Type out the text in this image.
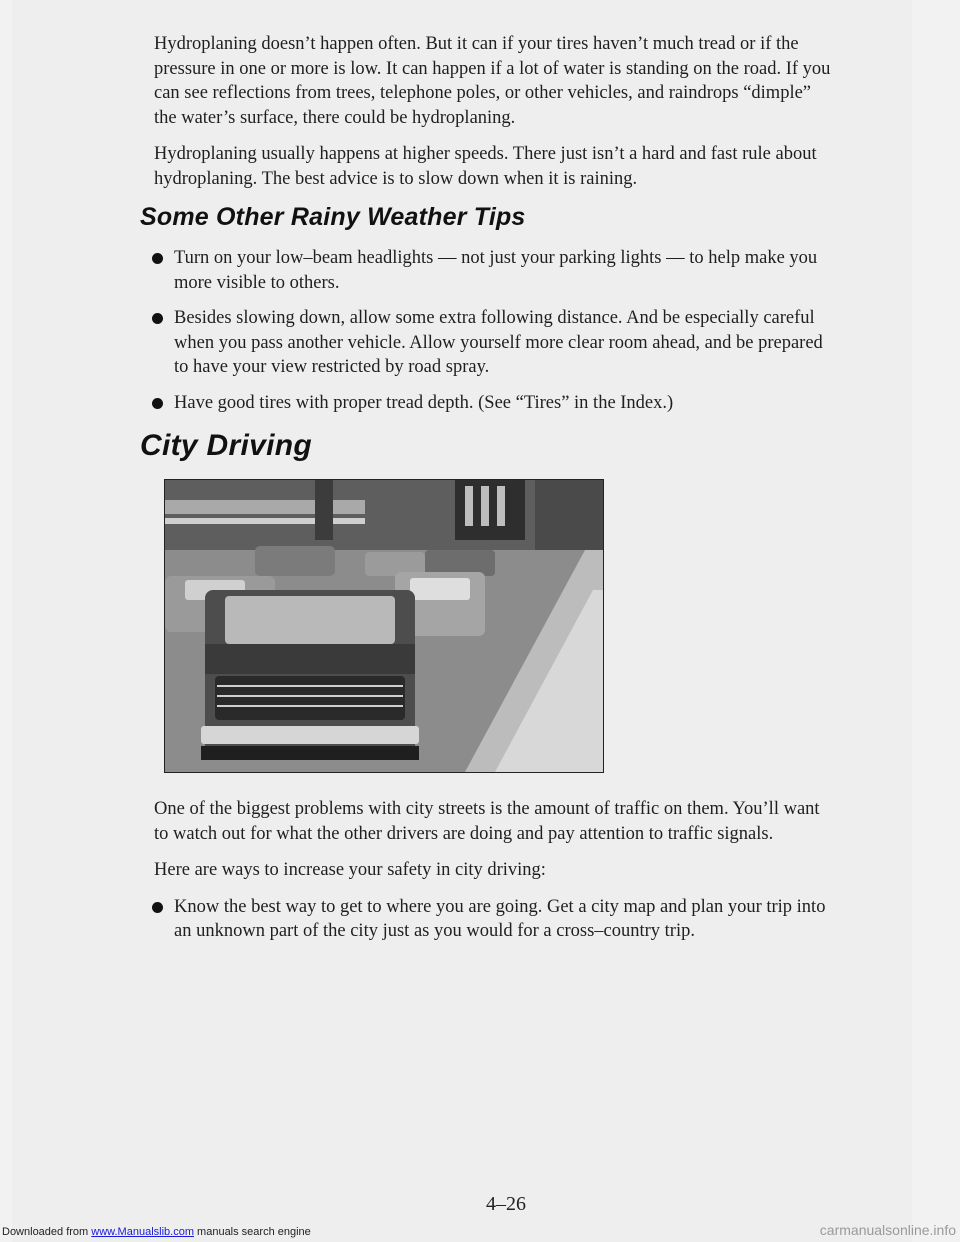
Hydroplaning doesn’t happen often. But it can if your tires haven’t much tread or if the pressure in one or more is low. It can happen if a lot of water is standing on the road. If you can see reflections from trees, telephone poles, or other vehicles, and raindrops “dimple” the water’s surface, there could be hydroplaning.

Hydroplaning usually happens at higher speeds. There just isn’t a hard and fast rule about hydroplaning. The best advice is to slow down when it is raining.

Some Other Rainy Weather Tips
Turn on your low–beam headlights — not just your parking lights — to help make you more visible to others.
Besides slowing down, allow some extra following distance. And be especially careful when you pass another vehicle. Allow yourself more clear room ahead, and be prepared to have your view restricted by road spray.
Have good tires with proper tread depth. (See “Tires” in the Index.)
City Driving

One of the biggest problems with city streets is the amount of traffic on them. You’ll want to watch out for what the other drivers are doing and pay attention to traffic signals.

Here are ways to increase your safety in city driving:

Know the best way to get to where you are going. Get a city map and plan your trip into an unknown part of the city just as you would for a cross–country trip.
4–26
Downloaded from www.Manualslib.com manuals search engine	carmanualsonline.info
